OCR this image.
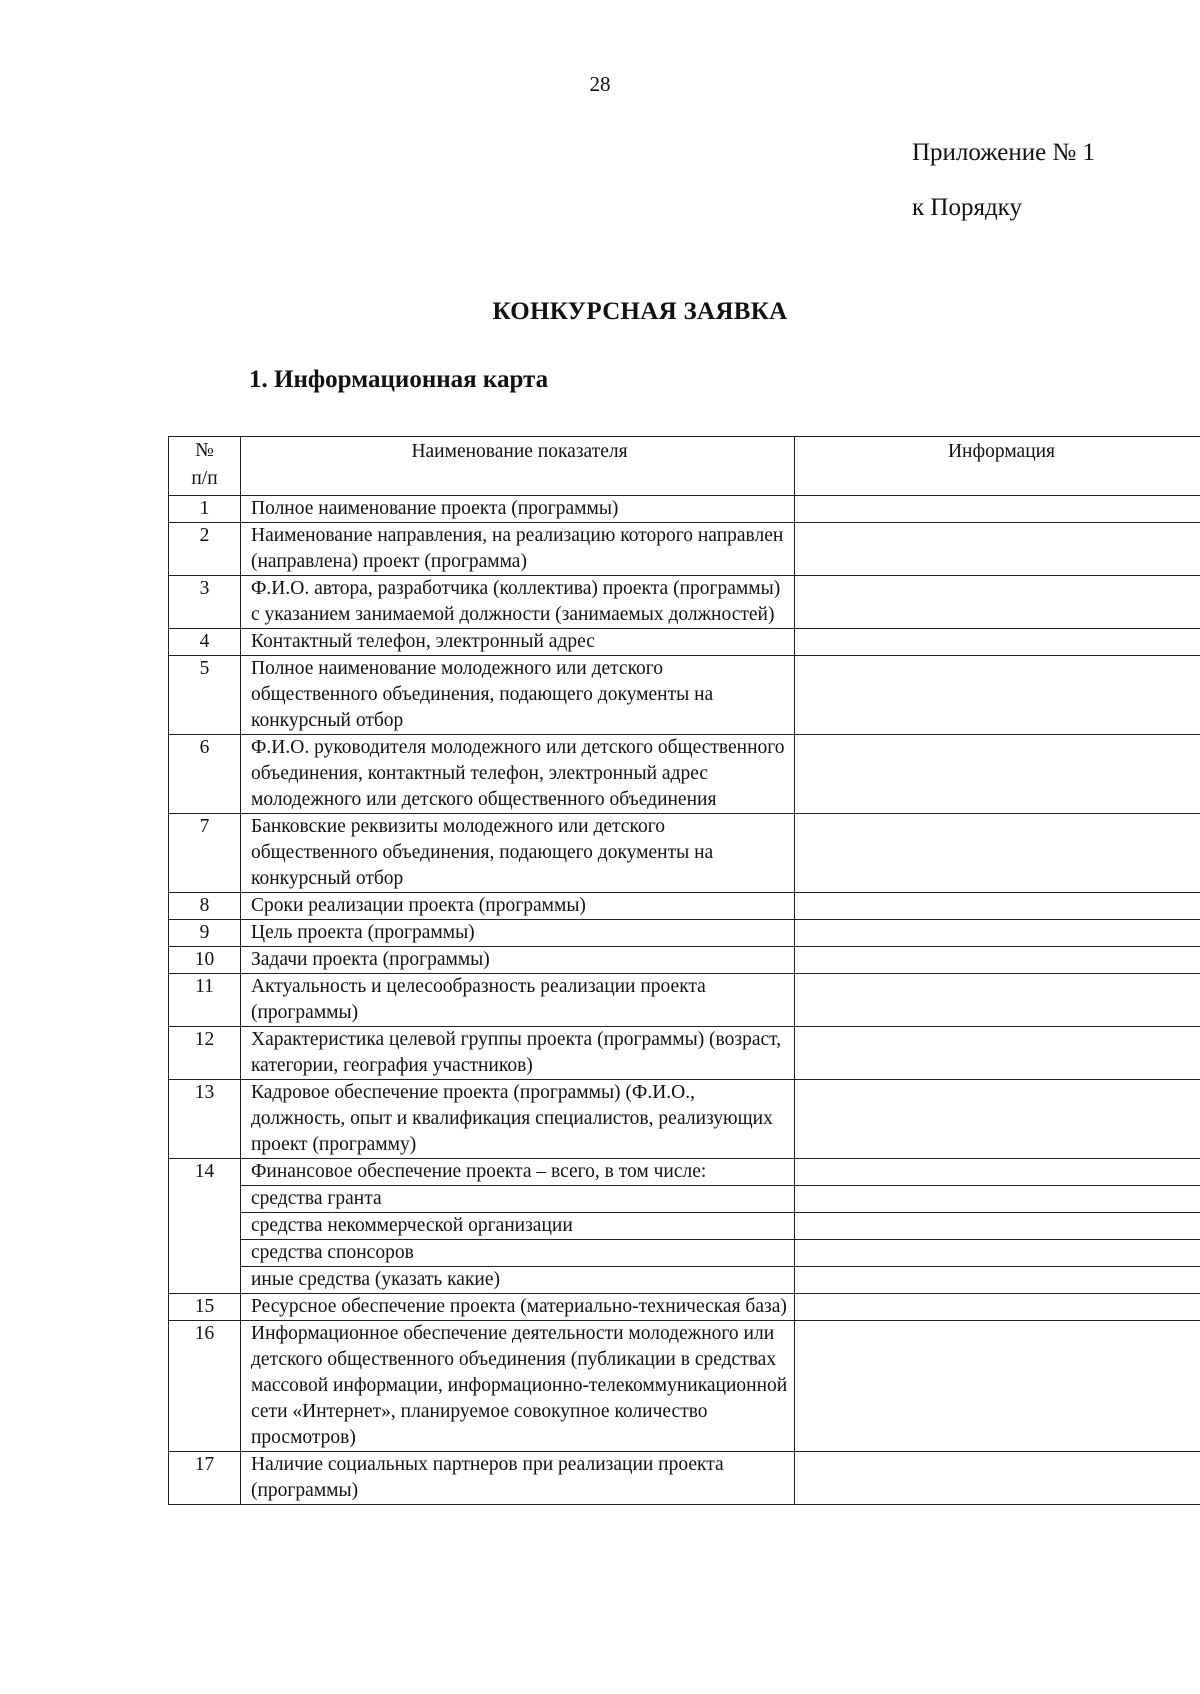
28
Приложение № 1
к Порядку
КОНКУРСНАЯ ЗАЯВКА
1. Информационная карта
№
п/п	Наименование показателя	Информация
1	Полное наименование проекта (программы)	
2	Наименование направления, на реализацию которого направлен (направлена) проект (программа)	
3	Ф.И.О. автора, разработчика (коллектива) проекта (программы) с указанием занимаемой должности (занимаемых должностей)	
4	Контактный телефон, электронный адрес	
5	Полное наименование молодежного или детского общественного объединения, подающего документы на конкурсный отбор	
6	Ф.И.О. руководителя молодежного или детского общественного объединения, контактный телефон, электронный адрес молодежного или детского общественного объединения	
7	Банковские реквизиты молодежного или детского общественного объединения, подающего документы на конкурсный отбор	
8	Сроки реализации проекта (программы)	
9	Цель проекта (программы)	
10	Задачи проекта (программы)	
11	Актуальность и целесообразность реализации проекта (программы)	
12	Характеристика целевой группы проекта (программы) (возраст, категории, география участников)	
13	Кадровое обеспечение проекта (программы) (Ф.И.О., должность, опыт и квалификация специалистов, реализующих проект (программу)	
14	Финансовое обеспечение проекта – всего, в том числе:	
	средства гранта	
	средства некоммерческой организации	
	средства спонсоров	
	иные средства (указать какие)	
15	Ресурсное обеспечение проекта (материально-техническая база)	
16	Информационное обеспечение деятельности молодежного или детского общественного объединения (публикации в средствах массовой информации, информационно-телекоммуникационной сети «Интернет», планируемое совокупное количество просмотров)	
17	Наличие социальных партнеров при реализации проекта (программы)	
